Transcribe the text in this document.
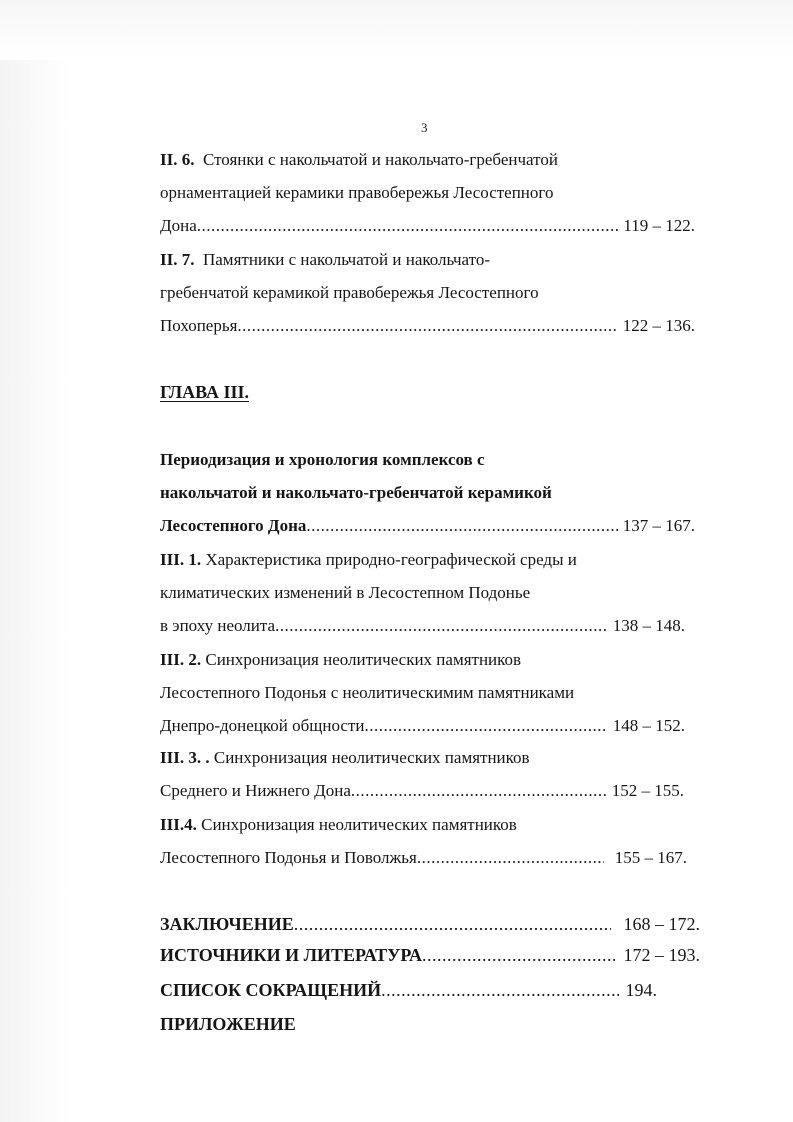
3
II. 6. Стоянки с накольчатой и накольчато-гребенчатой
орнаментацией керамики правобережья Лесостепного
Дона .....	119 – 122.
II. 7. Памятники с накольчатой и накольчато-
гребенчатой керамикой правобережья Лесостепного
Похоперья .....	122 – 136.
ГЛАВА III.
Периодизация и хронология комплексов с
накольчатой и накольчато-гребенчатой керамикой
Лесостепного Дона .....	137 – 167.
III. 1. Характеристика природно-географической среды и
климатических изменений в Лесостепном Подонье
в эпоху неолита .....	138 – 148.
III. 2. Синхронизация неолитических памятников
Лесостепного Подонья с неолитическимим памятниками
Днепро-донецкой общности .....	148 – 152.
III. 3. . Синхронизация неолитических памятников
Среднего и Нижнего Дона .....	152 – 155.
III.4. Синхронизация неолитических памятников
Лесостепного Подонья и Поволжья .....	155 – 167.
ЗАКЛЮЧЕНИЕ .....	168 – 172.
ИСТОЧНИКИ И ЛИТЕРАТУРА .....	172 – 193.
СПИСОК СОКРАЩЕНИЙ .....	194.
ПРИЛОЖЕНИЕ
